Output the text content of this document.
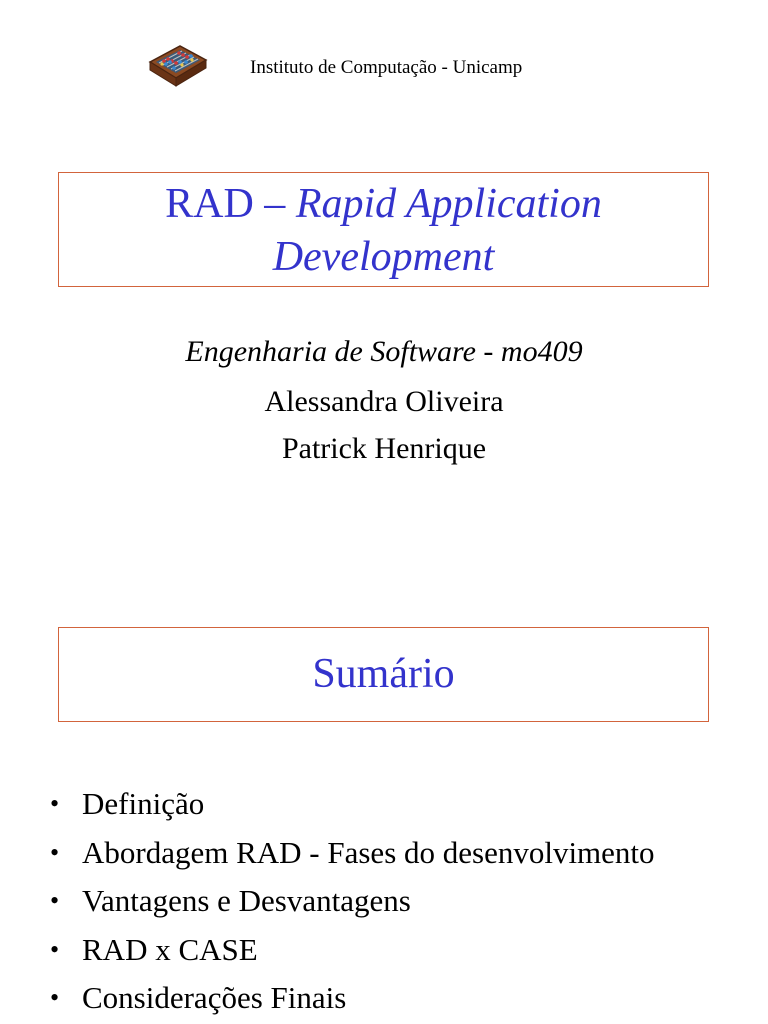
Instituto de Computação - Unicamp
RAD – Rapid Application
Development
Engenharia de Software - mo409
Alessandra Oliveira
Patrick Henrique
Sumário
• Definição
• Abordagem RAD - Fases do desenvolvimento
• Vantagens e Desvantagens
• RAD x CASE
• Considerações Finais
